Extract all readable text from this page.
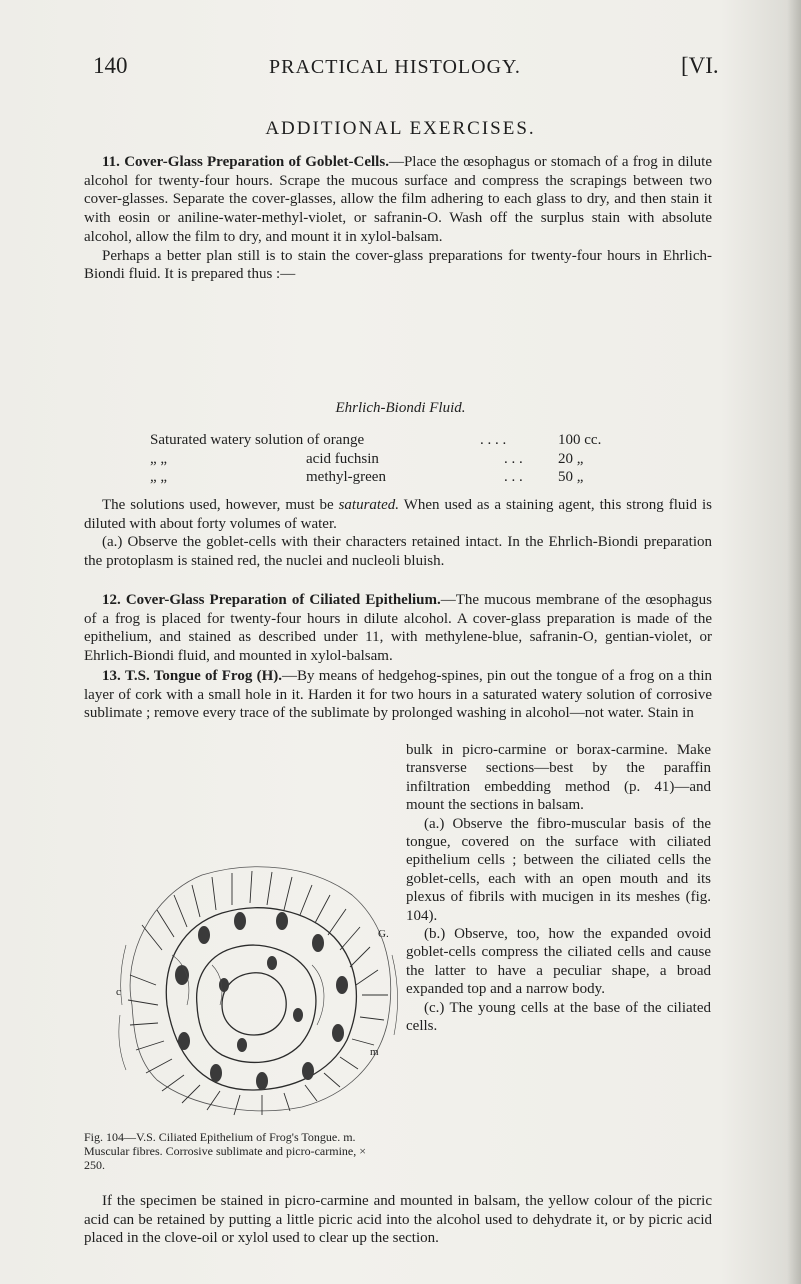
140	PRACTICAL HISTOLOGY.	[VI.
ADDITIONAL EXERCISES.

11. Cover-Glass Preparation of Goblet-Cells.—Place the œsophagus or stomach of a frog in dilute alcohol for twenty-four hours. Scrape the mucous surface and compress the scrapings between two cover-glasses. Separate the cover-glasses, allow the film adhering to each glass to dry, and then stain it with eosin or aniline-water-methyl-violet, or safranin-O. Wash off the surplus stain with absolute alcohol, allow the film to dry, and mount it in xylol-balsam.

Perhaps a better plan still is to stain the cover-glass preparations for twenty-four hours in Ehrlich-Biondi fluid. It is prepared thus :—

Ehrlich-Biondi Fluid.
Saturated watery solution of orange	. . . .	100 cc.
„ „	acid fuchsin	. . . 20 „
„ „	methyl-green	. . . 50 „

The solutions used, however, must be saturated. When used as a staining agent, this strong fluid is diluted with about forty volumes of water.

(a.) Observe the goblet-cells with their characters retained intact. In the Ehrlich-Biondi preparation the protoplasm is stained red, the nuclei and nucleoli bluish.

12. Cover-Glass Preparation of Ciliated Epithelium.—The mucous membrane of the œsophagus of a frog is placed for twenty-four hours in dilute alcohol. A cover-glass preparation is made of the epithelium, and stained as described under 11, with methylene-blue, safranin-O, gentian-violet, or Ehrlich-Biondi fluid, and mounted in xylol-balsam.

13. T.S. Tongue of Frog (H).—By means of hedgehog-spines, pin out the tongue of a frog on a thin layer of cork with a small hole in it. Harden it for two hours in a saturated watery solution of corrosive sublimate ; remove every trace of the sublimate by prolonged washing in alcohol—not water. Stain in

bulk in picro-carmine or borax-carmine. Make transverse sections—best by the paraffin infiltration embedding method (p. 41)—and mount the sections in balsam.

(a.) Observe the fibro-muscular basis of the tongue, covered on the surface with ciliated epithelium cells ; between the ciliated cells the goblet-cells, each with an open mouth and its plexus of fibrils with mucigen in its meshes (fig. 104).

(b.) Observe, too, how the expanded ovoid goblet-cells compress the ciliated cells and cause the latter to have a peculiar shape, a broad expanded top and a narrow body.

(c.) The young cells at the base of the ciliated cells.

c
G.
m
Fig. 104—V.S. Ciliated Epithelium of Frog's Tongue. m. Muscular fibres. Corrosive sublimate and picro-carmine, × 250.

If the specimen be stained in picro-carmine and mounted in balsam, the yellow colour of the picric acid can be retained by putting a little picric acid into the alcohol used to dehydrate it, or by picric acid placed in the clove-oil or xylol used to clear up the section.
